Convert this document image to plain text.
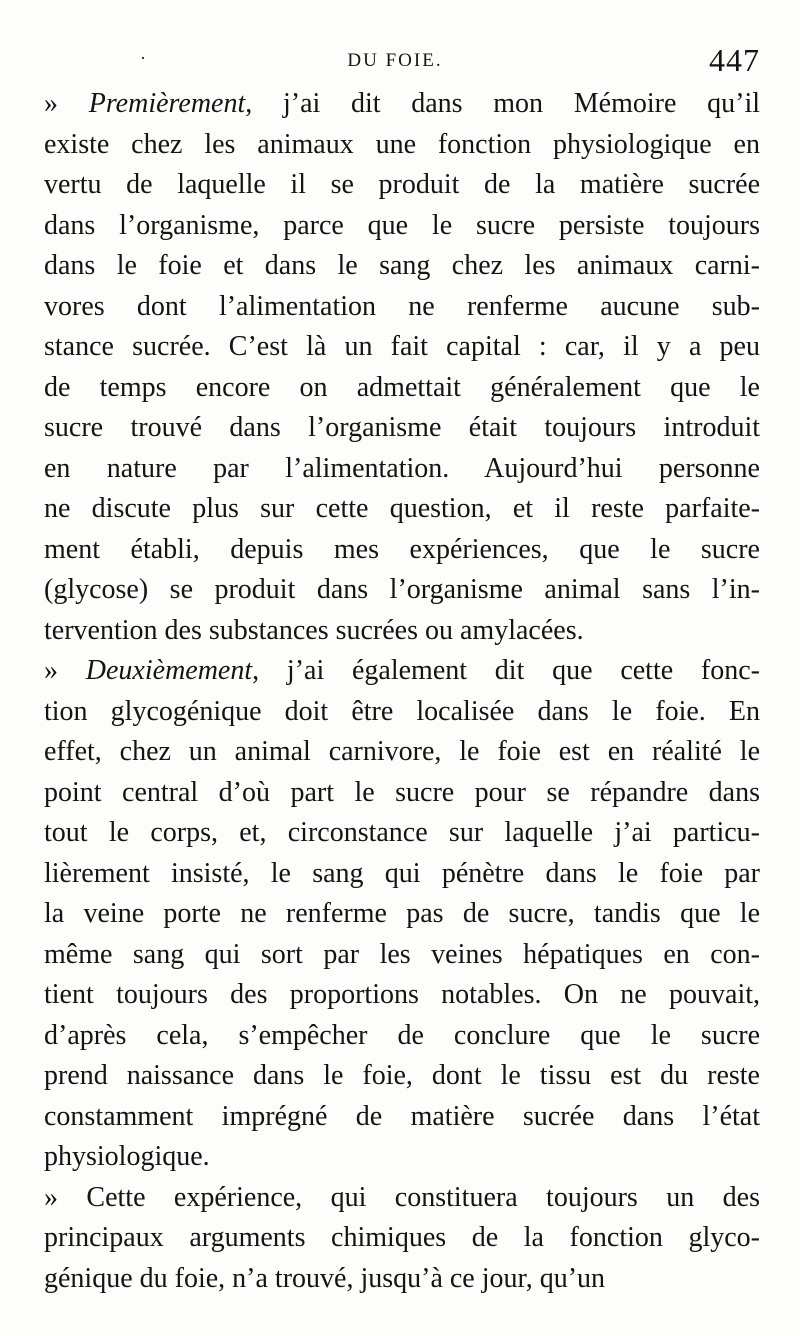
·	DU FOIE.	447
» Premièrement, j’ai dit dans mon Mémoire qu’il
existe chez les animaux une fonction physiologique en
vertu de laquelle il se produit de la matière sucrée
dans l’organisme, parce que le sucre persiste toujours
dans le foie et dans le sang chez les animaux carni-
vores dont l’alimentation ne renferme aucune sub-
stance sucrée. C’est là un fait capital : car, il y a peu
de temps encore on admettait généralement que le
sucre trouvé dans l’organisme était toujours introduit
en nature par l’alimentation. Aujourd’hui personne
ne discute plus sur cette question, et il reste parfaite-
ment établi, depuis mes expériences, que le sucre
(glycose) se produit dans l’organisme animal sans l’in-
tervention des substances sucrées ou amylacées.
» Deuxièmement, j’ai également dit que cette fonc-
tion glycogénique doit être localisée dans le foie. En
effet, chez un animal carnivore, le foie est en réalité le
point central d’où part le sucre pour se répandre dans
tout le corps, et, circonstance sur laquelle j’ai particu-
lièrement insisté, le sang qui pénètre dans le foie par
la veine porte ne renferme pas de sucre, tandis que le
même sang qui sort par les veines hépatiques en con-
tient toujours des proportions notables. On ne pouvait,
d’après cela, s’empêcher de conclure que le sucre
prend naissance dans le foie, dont le tissu est du reste
constamment imprégné de matière sucrée dans l’état
physiologique.
» Cette expérience, qui constituera toujours un des
principaux arguments chimiques de la fonction glyco-
génique du foie, n’a trouvé, jusqu’à ce jour, qu’un
